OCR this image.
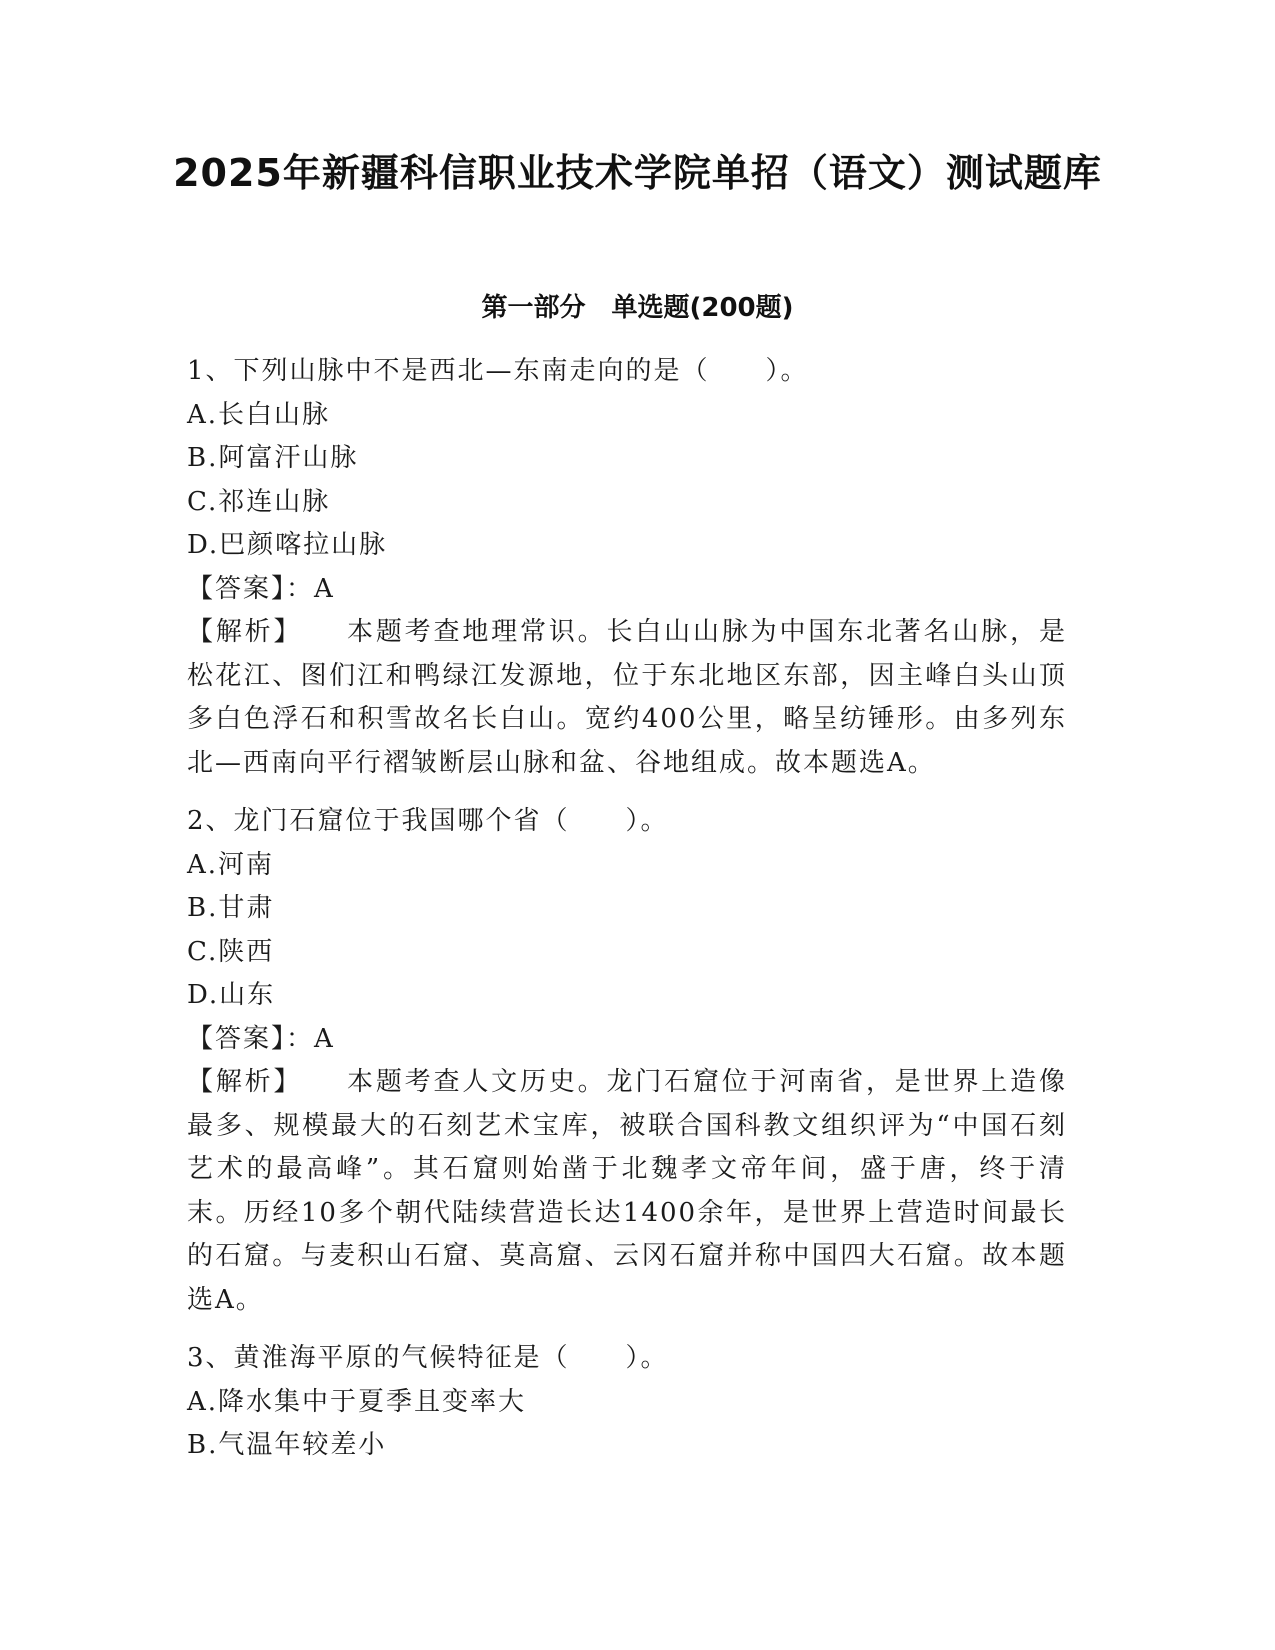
2025年新疆科信职业技术学院单招（语文）测试题库
第一部分　单选题(200题)
1、下列山脉中不是西北—东南走向的是（　　）。
A.长白山脉
B.阿富汗山脉
C.祁连山脉
D.巴颜喀拉山脉
【答案】：A
【解析】　　 本题考查地理常识。长白山山脉为中国东北著名山脉，是松花江、图们江和鸭绿江发源地，位于东北地区东部，因主峰白头山顶多白色浮石和积雪故名长白山。宽约400公里，略呈纺锤形。由多列东北—西南向平行褶皱断层山脉和盆、谷地组成。故本题选A。
2、龙门石窟位于我国哪个省（　　）。
A.河南
B.甘肃
C.陕西
D.山东
【答案】：A
【解析】　　 本题考查人文历史。龙门石窟位于河南省，是世界上造像最多、规模最大的石刻艺术宝库，被联合国科教文组织评为“中国石刻艺术的最高峰”。其石窟则始凿于北魏孝文帝年间，盛于唐，终于清末。历经10多个朝代陆续营造长达1400余年，是世界上营造时间最长的石窟。与麦积山石窟、莫高窟、云冈石窟并称中国四大石窟。故本题选A。
3、黄淮海平原的气候特征是（　　）。
A.降水集中于夏季且变率大
B.气温年较差小
